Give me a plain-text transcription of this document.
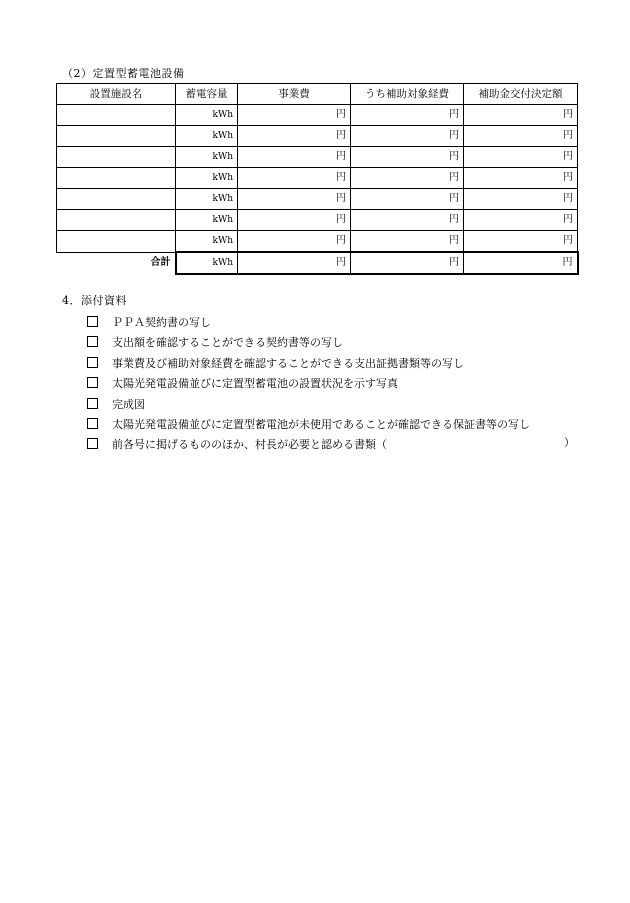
（2）定置型蓄電池設備
設置施設名	蓄電容量	事業費	うち補助対象経費	補助金交付決定額
	kWh	円	円	円
	kWh	円	円	円
	kWh	円	円	円
	kWh	円	円	円
	kWh	円	円	円
	kWh	円	円	円
	kWh	円	円	円
合計	kWh	円	円	円
4．添付資料
ＰＰＡ契約書の写し
支出額を確認することができる契約書等の写し
事業費及び補助対象経費を確認することができる支出証拠書類等の写し
太陽光発電設備並びに定置型蓄電池の設置状況を示す写真
完成図
太陽光発電設備並びに定置型蓄電池が未使用であることが確認できる保証書等の写し
前各号に掲げるもののほか、村長が必要と認める書類（	）
